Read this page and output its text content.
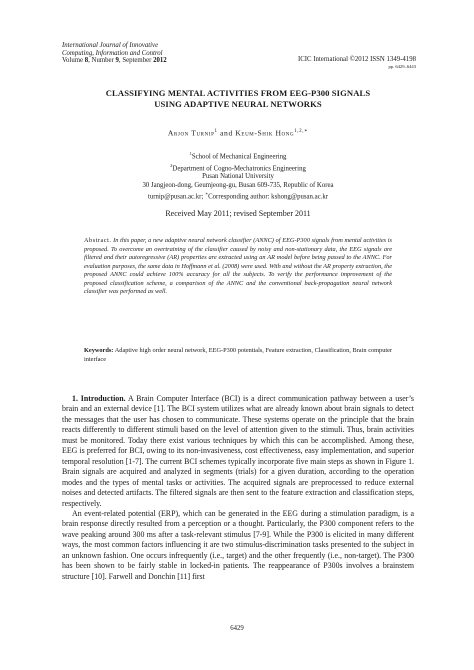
International Journal of Innovative
Computing, Information and Control
Volume 8, Number 9, September 2012	ICIC International ©2012 ISSN 1349-4198
pp. 6429–6443
CLASSIFYING MENTAL ACTIVITIES FROM EEG-P300 SIGNALS
USING ADAPTIVE NEURAL NETWORKS
Arjon Turnip$^1$ and Keum-Shik Hong$^{1,2,∗}$
$^1$School of Mechanical Engineering
$^2$Department of Cogno-Mechatronics Engineering
Pusan National University
30 Jangjeon-dong, Geumjeong-gu, Busan 609-735, Republic of Korea
turnip@pusan.ac.kr; ∗Corresponding author: kshong@pusan.ac.kr
Received May 2011; revised September 2011
Abstract. In this paper, a new adaptive neural network classifier (ANNC) of EEG-P300 signals from mental activities is proposed. To overcome an overtraining of the classifier caused by noisy and non-stationary data, the EEG signals are filtered and their autoregressive (AR) properties are extracted using an AR model before being passed to the ANNC. For evaluation purposes, the same data in Hoffmann et al. (2008) were used. With and without the AR property extraction, the proposed ANNC could achieve 100% accuracy for all the subjects. To verify the performance improvement of the proposed classification scheme, a comparison of the ANNC and the conventional back-propagation neural network classifier was performed as well.
Keywords: Adaptive high order neural network, EEG-P300 potentials, Feature extraction, Classification, Brain computer interface

1. Introduction. A Brain Computer Interface (BCI) is a direct communication pathway between a user’s brain and an external device [1]. The BCI system utilizes what are already known about brain signals to detect the messages that the user has chosen to communicate. These systems operate on the principle that the brain reacts differently to different stimuli based on the level of attention given to the stimuli. Thus, brain activities must be monitored. Today there exist various techniques by which this can be accomplished. Among these, EEG is preferred for BCI, owing to its non-invasiveness, cost effectiveness, easy implementation, and superior temporal resolution [1-7]. The current BCI schemes typically incorporate five main steps as shown in Figure 1. Brain signals are acquired and analyzed in segments (trials) for a given duration, according to the operation modes and the types of mental tasks or activities. The acquired signals are preprocessed to reduce external noises and detected artifacts. The filtered signals are then sent to the feature extraction and classification steps, respectively.

An event-related potential (ERP), which can be generated in the EEG during a stimulation paradigm, is a brain response directly resulted from a perception or a thought. Particularly, the P300 component refers to the wave peaking around 300 ms after a task-relevant stimulus [7-9]. While the P300 is elicited in many different ways, the most common factors influencing it are two stimulus-discrimination tasks presented to the subject in an unknown fashion. One occurs infrequently (i.e., target) and the other frequently (i.e., non-target). The P300 has been shown to be fairly stable in locked-in patients. The reappearance of P300s involves a brainstem structure [10]. Farwell and Donchin [11] first

6429
